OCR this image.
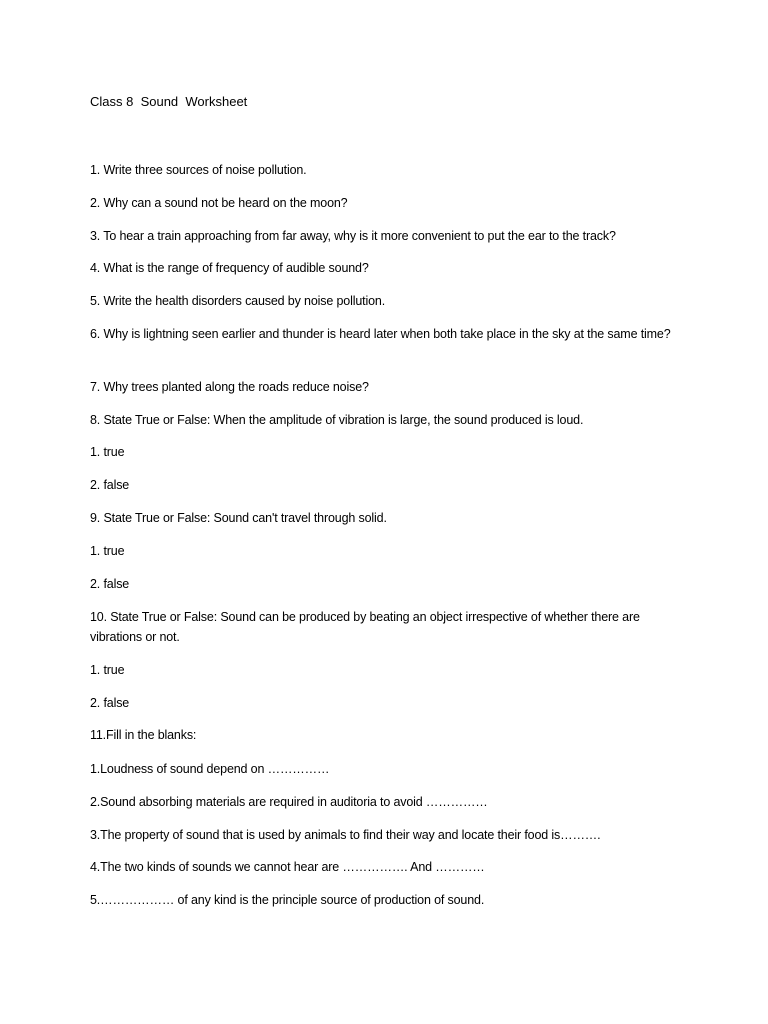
Class 8  Sound  Worksheet
1. Write three sources of noise pollution.
2. Why can a sound not be heard on the moon?
3. To hear a train approaching from far away, why is it more convenient to put the ear to the track?
4. What is the range of frequency of audible sound?
5. Write the health disorders caused by noise pollution.
6. Why is lightning seen earlier and thunder is heard later when both take place in the sky at the same time?
7. Why trees planted along the roads reduce noise?
8. State True or False: When the amplitude of vibration is large, the sound produced is loud.
1. true
2. false
9. State True or False: Sound can't travel through solid.
1. true
2. false
10. State True or False: Sound can be produced by beating an object irrespective of whether there are vibrations or not.
1. true
2. false
11.Fill in the blanks:
1.Loudness of sound depend on ……………
2.Sound absorbing materials are required in auditoria to avoid ……………
3.The property of sound that is used by animals to find their way and locate their food is……….
4.The two kinds of sounds we cannot hear are ……………. And …………
5.……………… of any kind is the principle source of production of sound.
